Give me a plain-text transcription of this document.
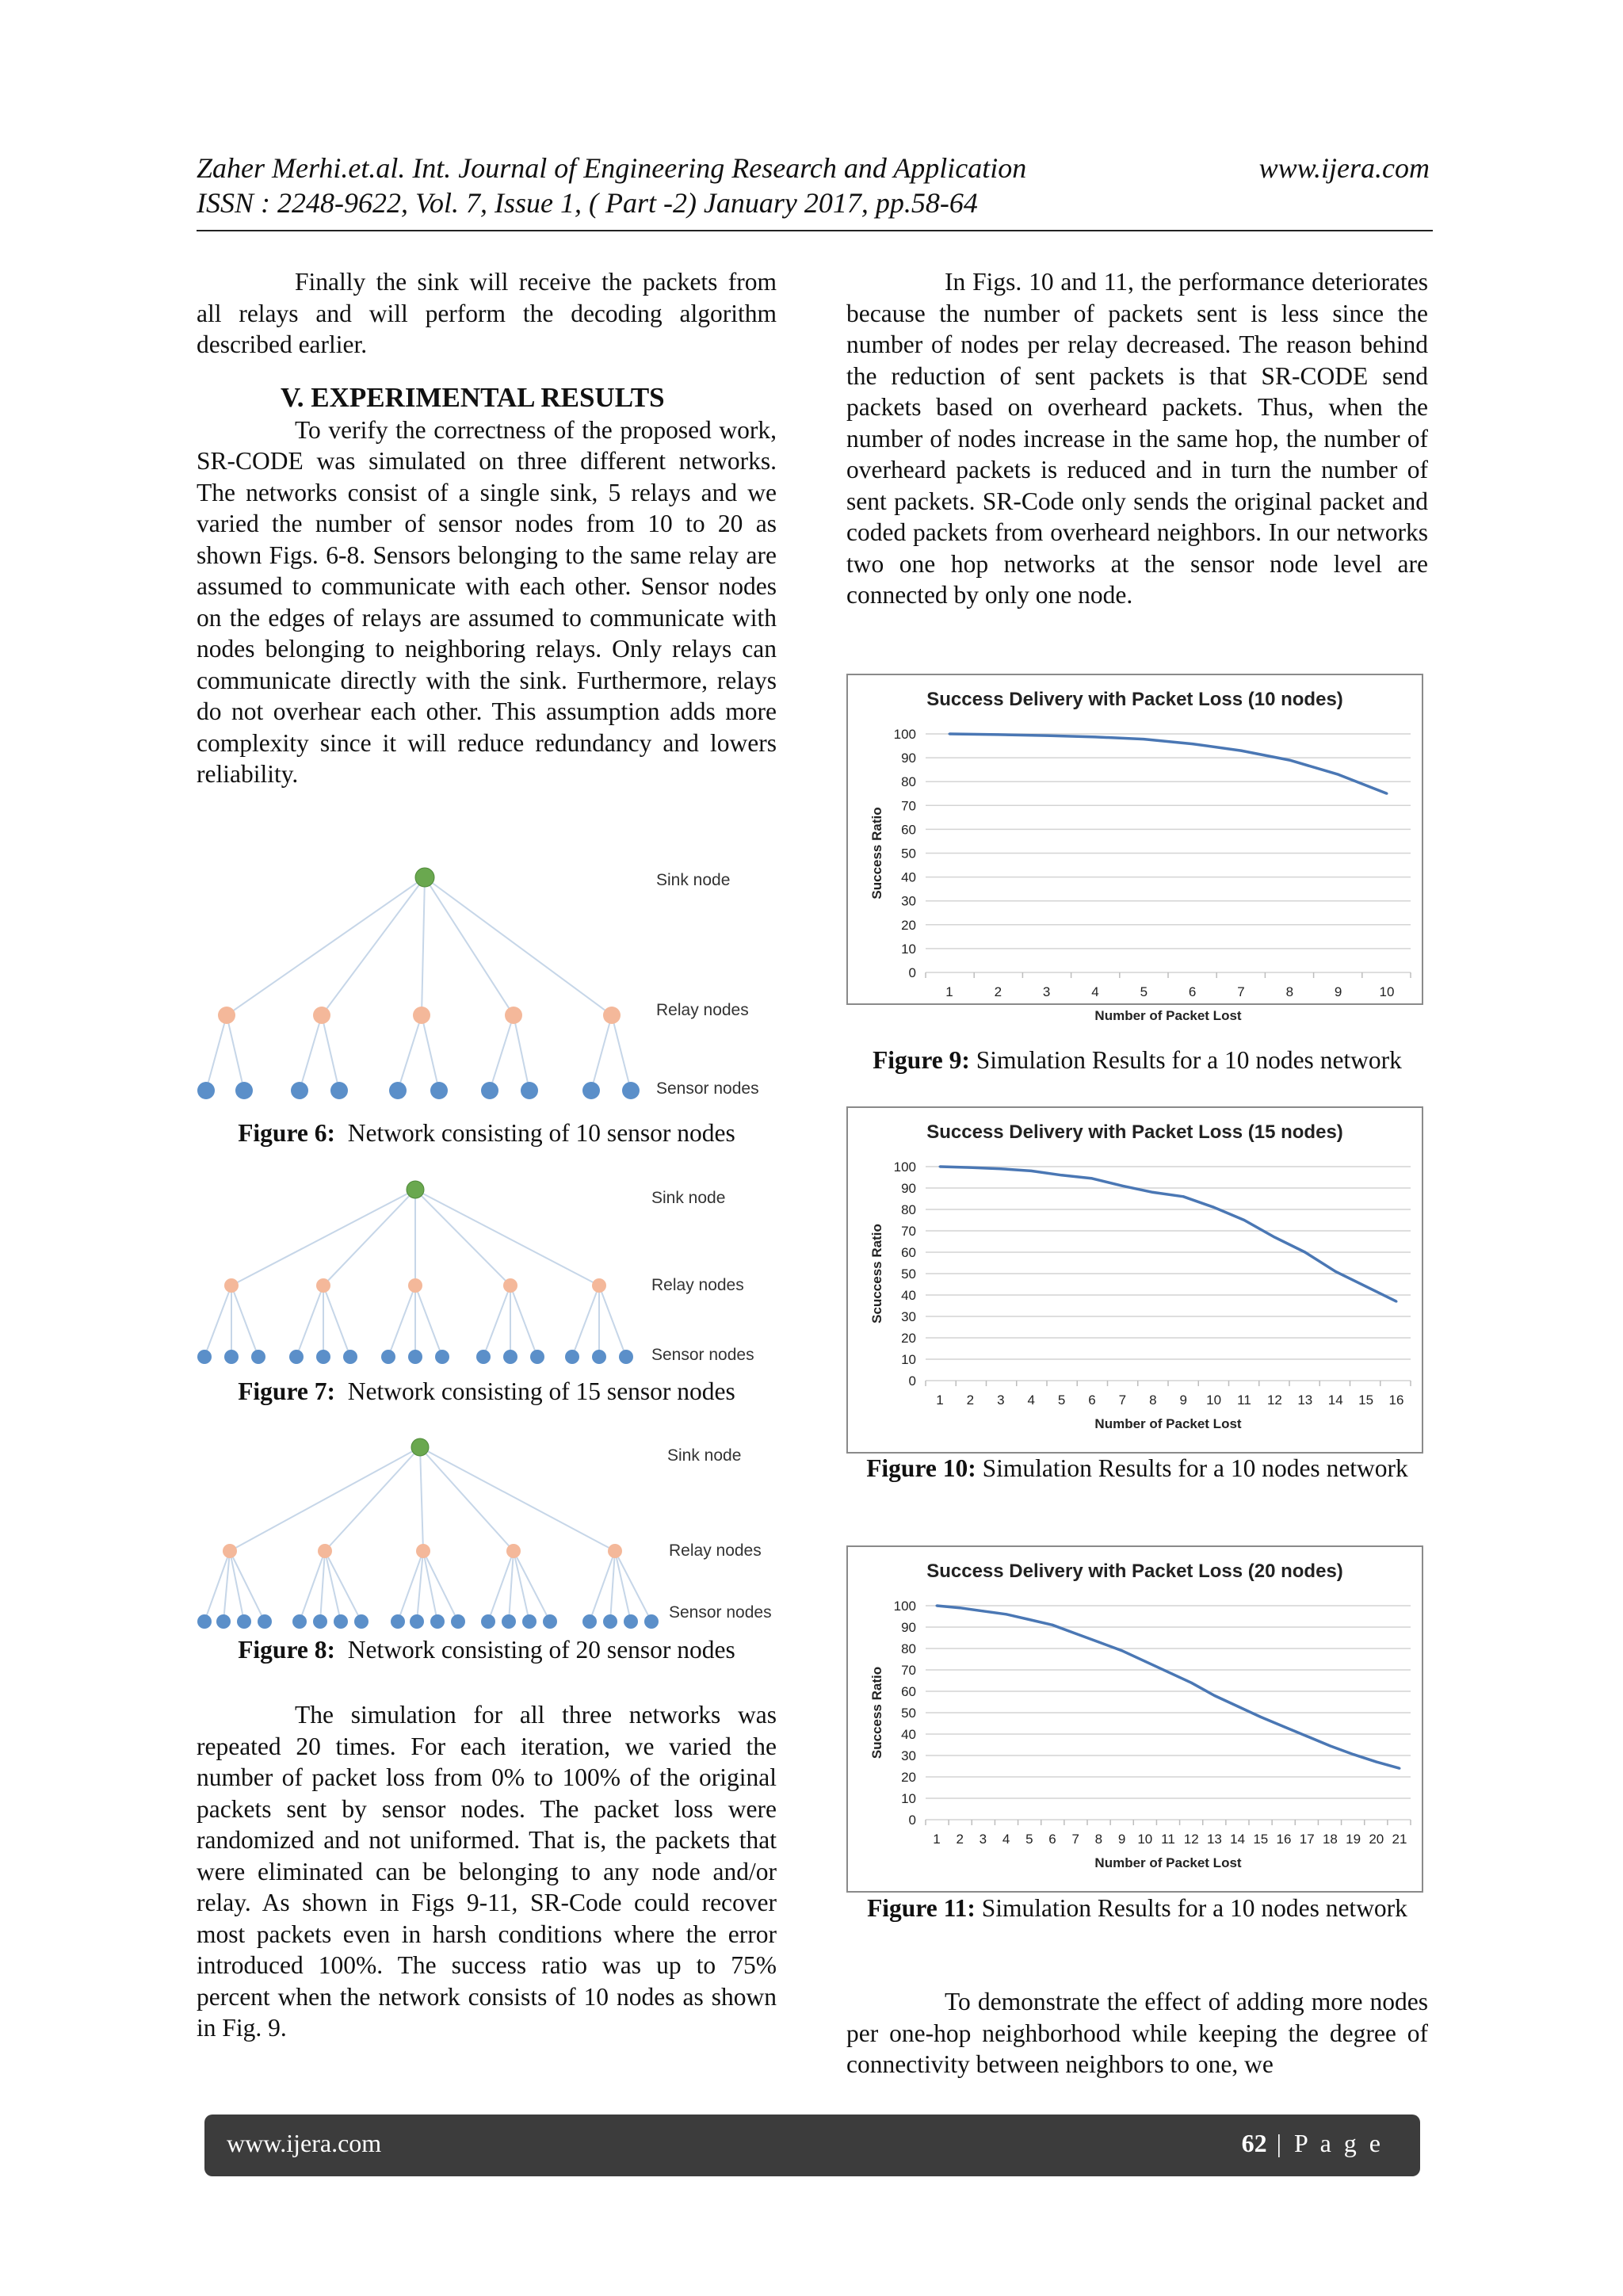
Zaher Merhi.et.al. Int. Journal of Engineering Research and Application	www.ijera.com
ISSN : 2248-9622, Vol. 7, Issue 1, ( Part -2) January 2017, pp.58-64

Finally the sink will receive the packets from all relays and will perform the decoding algorithm described earlier.

V. EXPERIMENTAL RESULTS

To verify the correctness of the proposed work, SR-CODE was simulated on three different networks. The networks consist of a single sink, 5 relays and we varied the number of sensor nodes from 10 to 20 as shown Figs. 6-8. Sensors belonging to the same relay are assumed to communicate with each other. Sensor nodes on the edges of relays are assumed to communicate with nodes belonging to neighboring relays. Only relays can communicate directly with the sink. Furthermore, relays do not overhear each other. This assumption adds more complexity since it will reduce redundancy and lowers reliability.

Sink node
Relay nodes
Sensor nodes
Figure 6: Network consisting of 10 sensor nodes
Sink node
Relay nodes
Sensor nodes
Figure 7: Network consisting of 15 sensor nodes
Sink node
Relay nodes
Sensor nodes
Figure 8: Network consisting of 20 sensor nodes

The simulation for all three networks was repeated 20 times. For each iteration, we varied the number of packet loss from 0% to 100% of the original packets sent by sensor nodes. The packet loss were randomized and not uniformed. That is, the packets that were eliminated can be belonging to any node and/or relay. As shown in Figs 9-11, SR-Code could recover most packets even in harsh conditions where the error introduced 100%. The success ratio was up to 75% percent when the network consists of 10 nodes as shown in Fig. 9.

In Figs. 10 and 11, the performance deteriorates because the number of packets sent is less since the number of nodes per relay decreased. The reason behind the reduction of sent packets is that SR-CODE send packets based on overheard packets. Thus, when the number of nodes increase in the same hop, the number of overheard packets is reduced and in turn the number of sent packets. SR-Code only sends the original packet and coded packets from overheard neighbors. In our networks two one hop networks at the sensor node level are connected by only one node.

Success Delivery with Packet Loss (10 nodes)
0
10
20
30
40
50
60
70
80
90
100
1	2	3	4	5	6	7	8	9	10
Number of Packet Lost
Success Ratio
Figure 9: Simulation Results for a 10 nodes network
Success Delivery with Packet Loss (15 nodes)
0
10
20
30
40
50
60
70
80
90
100
1 2 3 4 5 6 7 8 9 10 11 12 13 14 15 16
Number of Packet Lost
Scuccess Ratio
Figure 10: Simulation Results for a 10 nodes network
Success Delivery with Packet Loss (20 nodes)
0
10
20
30
40
50
60
70
80
90
100
1 2 3 4 5 6 7 8 9 10 11 12 13 14 15 16 17 18 19 20 21
Number of Packet Lost
Success Ratio
Figure 11: Simulation Results for a 10 nodes network

To demonstrate the effect of adding more nodes per one-hop neighborhood while keeping the degree of connectivity between neighbors to one, we

www.ijera.com	62 | P a g e
